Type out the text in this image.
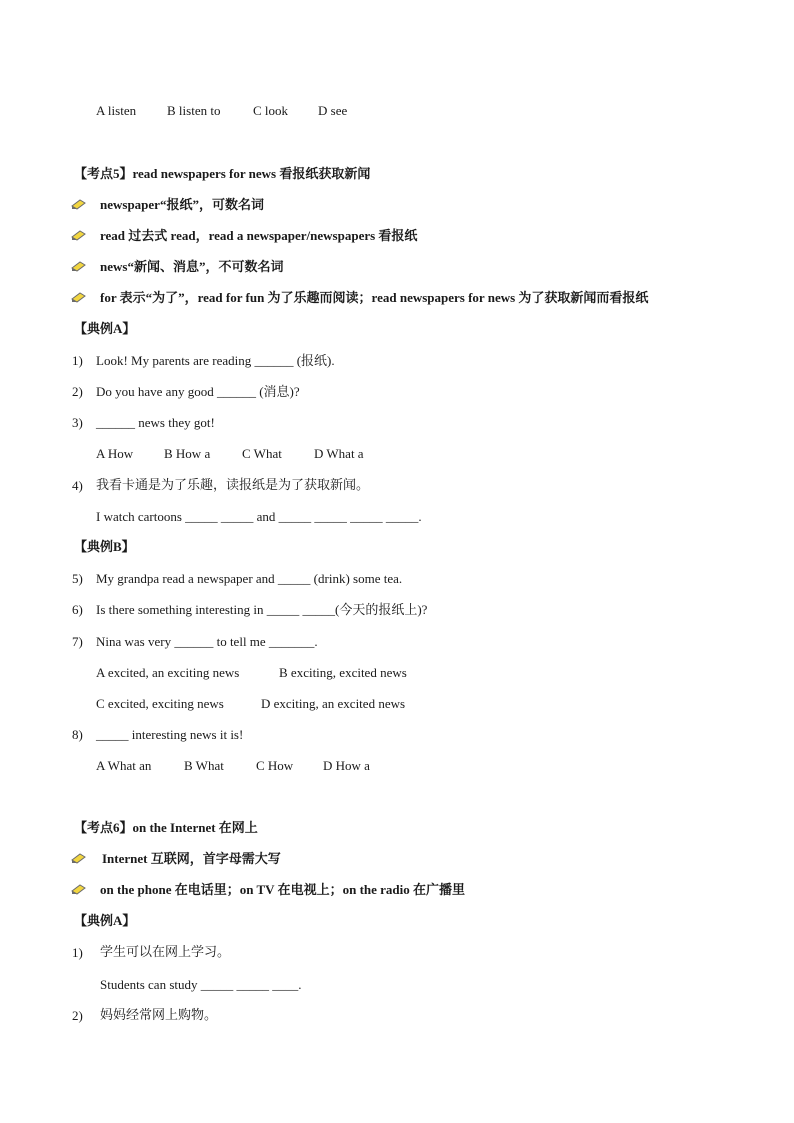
A listen B listen to	C look D see
【考点5】read newspapers for news 看报纸获取新闻
newspaper“报纸”，可数名词
read 过去式 read，read a newspaper/newspapers 看报纸
news“新闻、消息”，不可数名词
for 表示“为了”，read for fun 为了乐趣而阅读；read newspapers for news 为了获取新闻而看报纸
【典例A】
1) Look! My parents are reading ______ (报纸).
2) Do you have any good ______ (消息)?
3) ______ news they got!
A How B How a C What D What a
4) 我看卡通是为了乐趣，读报纸是为了获取新闻。
I watch cartoons _____ _____ and _____ _____ _____ _____.
【典例B】
5) My grandpa read a newspaper and _____ (drink) some tea.
6) Is there something interesting in _____ _____(今天的报纸上)?
7) Nina was very ______ to tell me _______.
A excited, an exciting news	B exciting, excited news
C excited, exciting news	D exciting, an excited news
8) _____ interesting news it is!
A What an	B What C How D How a
【考点6】on the Internet 在网上
Internet 互联网，首字母需大写
on the phone 在电话里；on TV 在电视上；on the radio 在广播里
【典例A】
1) 学生可以在网上学习。
Students can study _____ _____ ____.
2) 妈妈经常网上购物。
